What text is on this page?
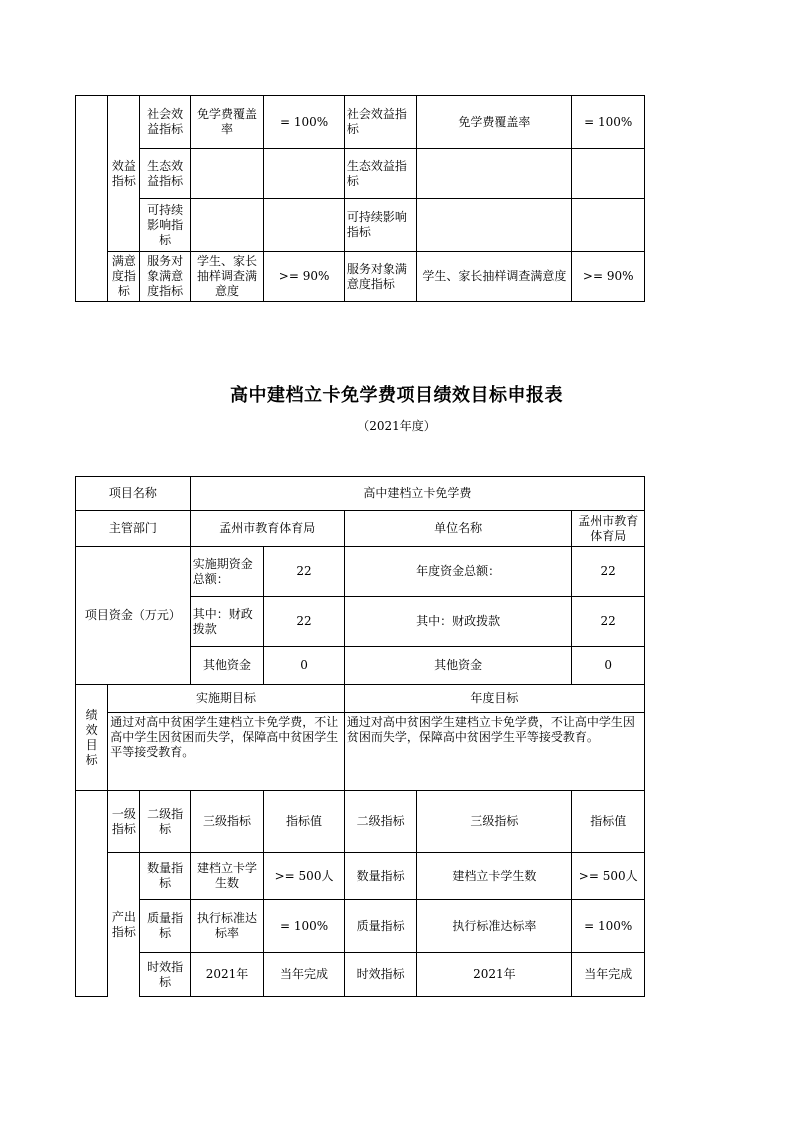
	效益指标	社会效益指标	免学费覆盖率	= 100%	社会效益指标	免学费覆盖率	= 100%
		生态效益指标			生态效益指标		
		可持续影响指标			可持续影响指标		
	满意度指标	服务对象满意度指标	学生、家长抽样调查满意度	>= 90%	服务对象满意度指标	学生、家长抽样调查满意度	>= 90%
高中建档立卡免学费项目绩效目标申报表
（2021年度）
项目名称			高中建档立卡免学费				
主管部门			孟州市教育体育局		单位名称		孟州市教育体育局
项目资金（万元）			实施期资金总额：	22	年度资金总额：		22
			其中：财政拨款	22	其中：财政拨款		22
			其他资金	0	其他资金		0
绩效目标	实施期目标				年度目标		
	通过对高中贫困学生建档立卡免学费，不让高中学生因贫困而失学，保障高中贫困学生平等接受教育。				通过对高中贫困学生建档立卡免学费，不让高中学生因贫困而失学，保障高中贫困学生平等接受教育。		
	一级指标	二级指标	三级指标	指标值	二级指标	三级指标	指标值
	产出指标	数量指标	建档立卡学生数	>= 500人	数量指标	建档立卡学生数	>= 500人
		质量指标	执行标准达标率	= 100%	质量指标	执行标准达标率	= 100%
		时效指标	2021年	当年完成	时效指标	2021年	当年完成
